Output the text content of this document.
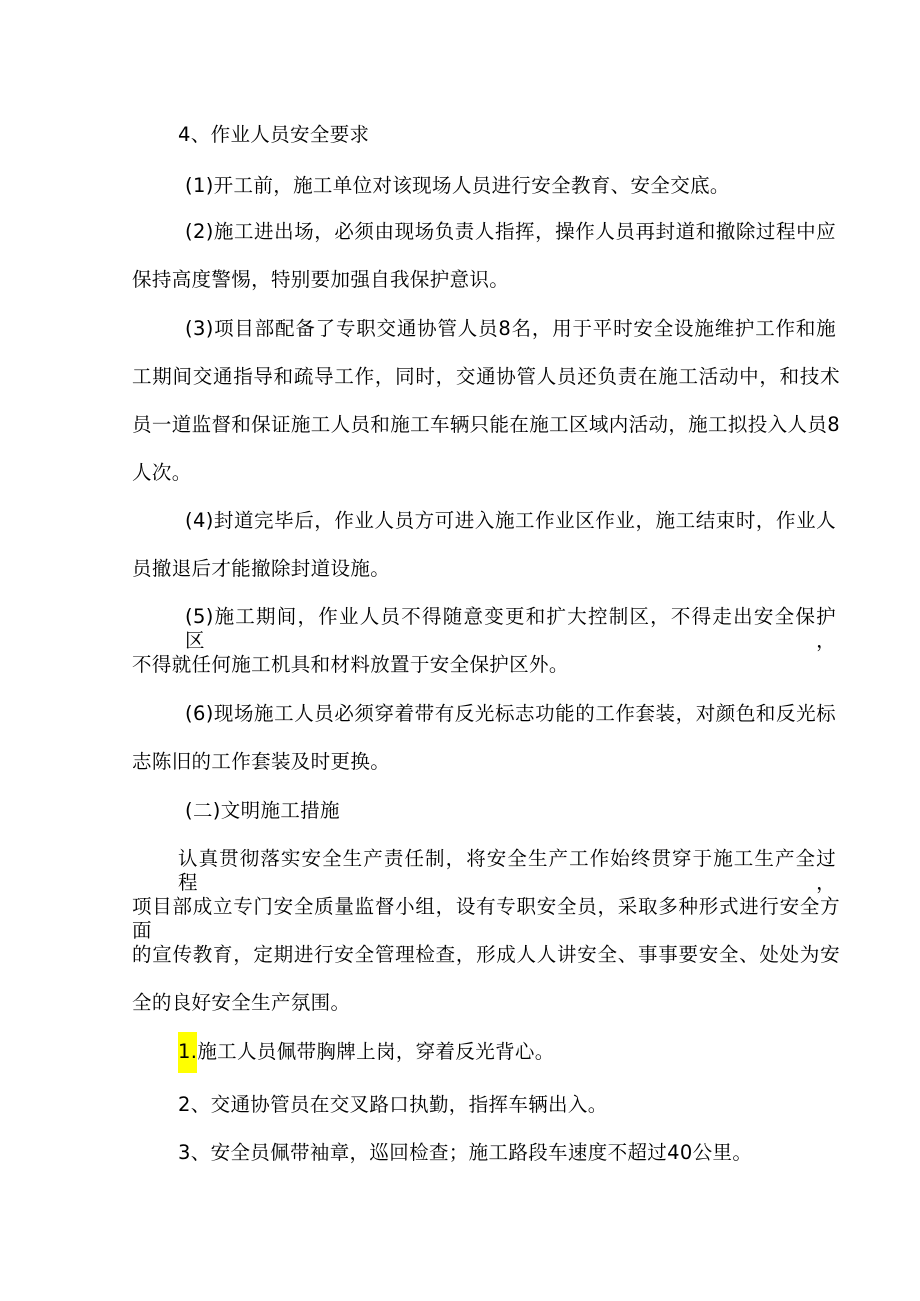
4、作业人员安全要求
(1)开工前，施工单位对该现场人员进行安全教育、安全交底。
(2)施工进出场，必须由现场负责人指挥，操作人员再封道和撤除过程中应
保持高度警惕，特别要加强自我保护意识。
(3)项目部配备了专职交通协管人员8名，用于平时安全设施维护工作和施
工期间交通指导和疏导工作，同时，交通协管人员还负责在施工活动中，和技术
员一道监督和保证施工人员和施工车辆只能在施工区域内活动，施工拟投入人员8
人次。
(4)封道完毕后，作业人员方可进入施工作业区作业，施工结束时，作业人
员撤退后才能撤除封道设施。
(5)施工期间，作业人员不得随意变更和扩大控制区，不得走出安全保护区，
不得就任何施工机具和材料放置于安全保护区外。
(6)现场施工人员必须穿着带有反光标志功能的工作套装，对颜色和反光标
志陈旧的工作套装及时更换。
(二)文明施工措施
认真贯彻落实安全生产责任制，将安全生产工作始终贯穿于施工生产全过程，
项目部成立专门安全质量监督小组，设有专职安全员，采取多种形式进行安全方面
的宣传教育，定期进行安全管理检查，形成人人讲安全、事事要安全、处处为安
全的良好安全生产氛围。
1.施工人员佩带胸牌上岗，穿着反光背心。
2、交通协管员在交叉路口执勤，指挥车辆出入。
3、安全员佩带袖章，巡回检查；施工路段车速度不超过40公里。
